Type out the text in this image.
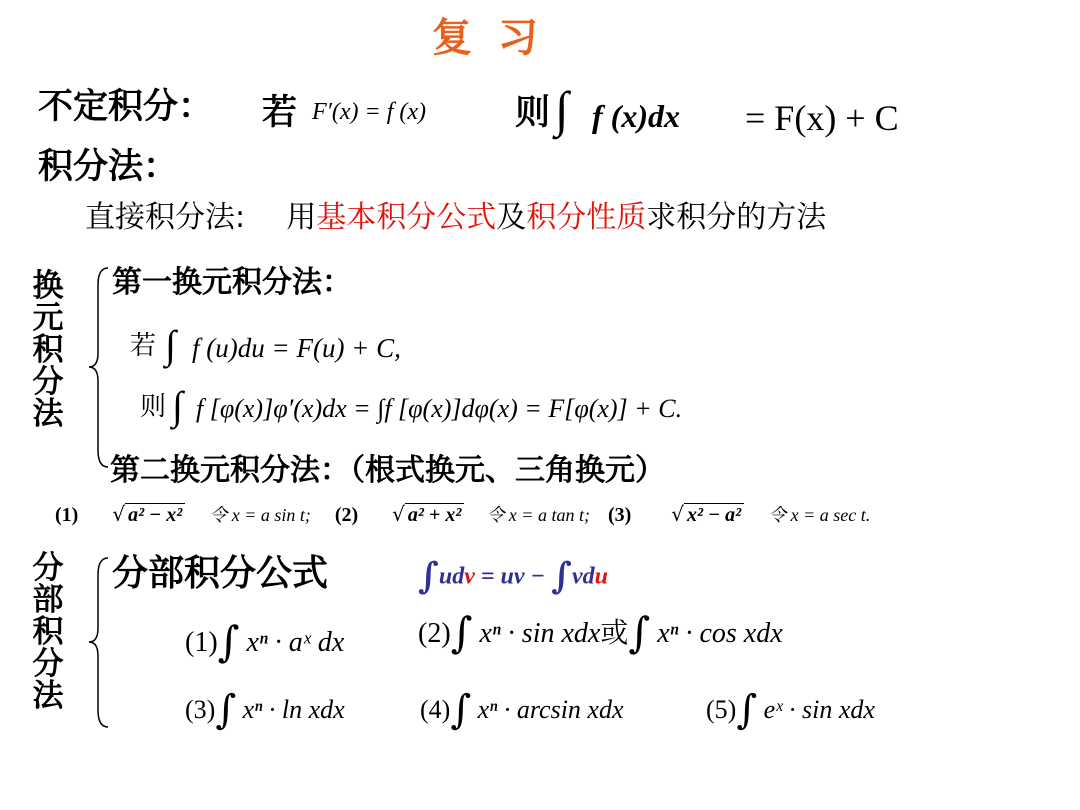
复 习
不定积分： 若 F′(x) = f (x)	则 ∫ f (x)dx = F(x) + C
积分法：
直接积分法: 用基本积分公式及积分性质求积分的方法
换
元
积
分
法
第一换元积分法：
若 ∫ f (u)du = F(u) + C,
则 ∫ f [φ(x)]φ′(x)dx = ∫f [φ(x)]dφ(x) = F[φ(x)] + C.
第二换元积分法：（根式换元、三角换元）
(1) √ a² − x² 令 x = a sin t; (2) √ a² + x² 令 x = a tan t; (3) √ x² − a² 令 x = a sec t.
分
部
积
分
法
分部积分公式 ∫udv = uv − ∫vdu
(1)∫ xⁿ · aˣ dx	(2)∫ xⁿ · sin xdx或∫ xⁿ · cos xdx
(3)∫ xⁿ · ln xdx	(4)∫ xⁿ · arcsin xdx	(5)∫ eˣ · sin xdx
